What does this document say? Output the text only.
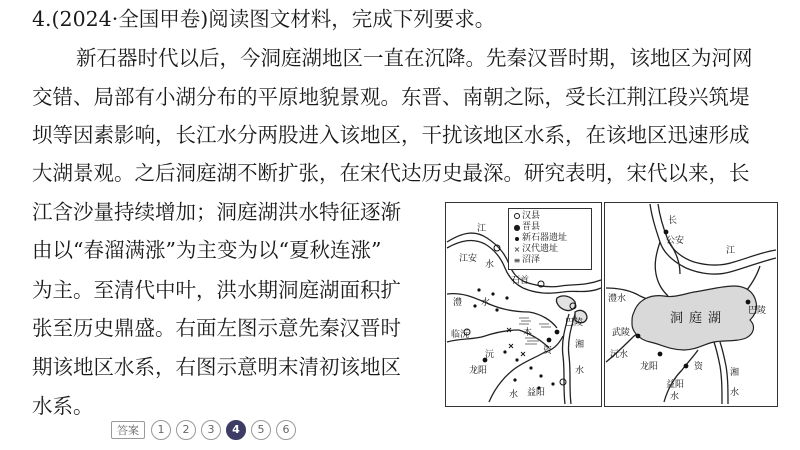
4.(2024·全国甲卷)阅读图文材料，完成下列要求。
新石器时代以后，今洞庭湖地区一直在沉降。先秦汉晋时期，该地区为河网
交错、局部有小湖分布的平原地貌景观。东晋、南朝之际，受长江荆江段兴筑堤
坝等因素影响，长江水分两股进入该地区，干扰该地区水系，在该地区迅速形成
大湖景观。之后洞庭湖不断扩张，在宋代达历史最深。研究表明，宋代以来，长
江含沙量持续增加；洞庭湖洪水特征逐渐
由以“春溜满涨”为主变为以“夏秋连涨”
为主。至清代中叶，洪水期洞庭湖面积扩
张至历史鼎盛。右面左图示意先秦汉晋时
期该地区水系，右图示意明末清初该地区
水系。
汉县
● 晋县
新石器遗址
× 汉代遗址
≡ 沼泽
江
江安
水
石首
澧 水
沅
临沅
龙阳
本
资
巴陵
湘
水
益阳
水
长
公安
江
澧水
洞庭湖 巴陵
武陵
沅水
龙阳	资
湘
益阳
水	水
答案	1	2	3	4	5	6
